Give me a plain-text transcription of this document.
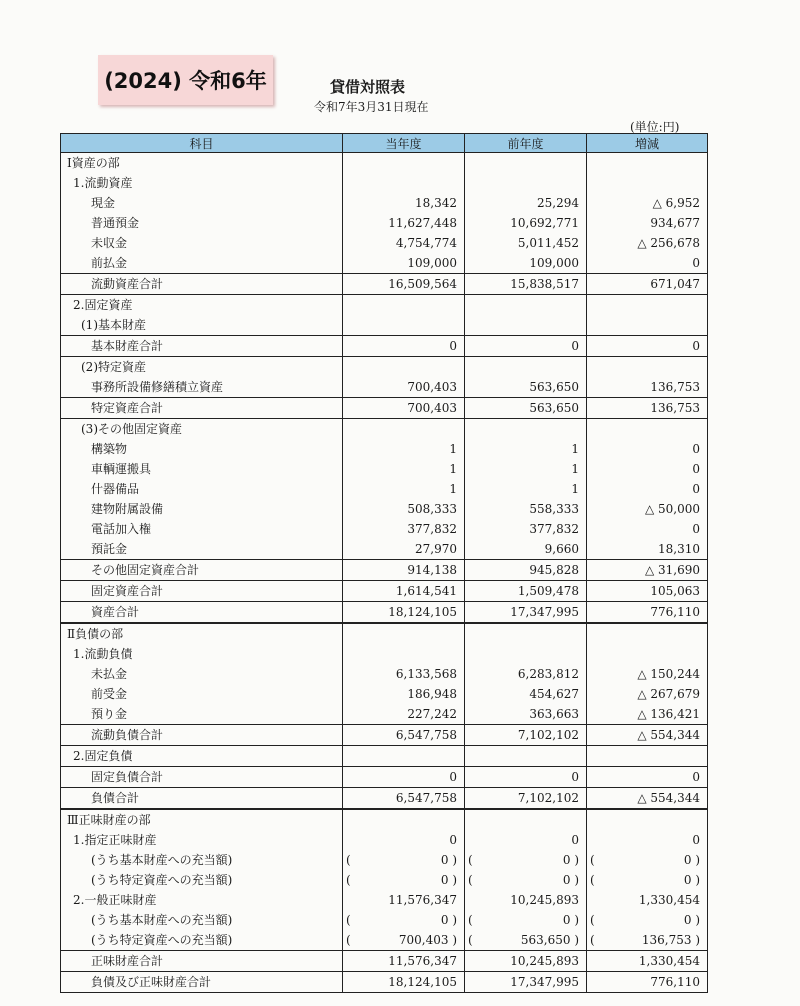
(2024) 令和6年	貸借対照表
令和7年3月31日現在
(単位:円)
科目	当年度	前年度	増減
Ⅰ資産の部			
1.流動資産			
現金	18,342	25,294	△ 6,952
普通預金	11,627,448	10,692,771	934,677
未収金	4,754,774	5,011,452	△ 256,678
前払金	109,000	109,000	0
流動資産合計	16,509,564	15,838,517	671,047
2.固定資産			
(1)基本財産			
基本財産合計	0	0	0
(2)特定資産			
事務所設備修繕積立資産	700,403	563,650	136,753
特定資産合計	700,403	563,650	136,753
(3)その他固定資産			
構築物	1	1	0
車輌運搬具	1	1	0
什器備品	1	1	0
建物附属設備	508,333	558,333	△ 50,000
電話加入権	377,832	377,832	0
預託金	27,970	9,660	18,310
その他固定資産合計	914,138	945,828	△ 31,690
固定資産合計	1,614,541	1,509,478	105,063
資産合計	18,124,105	17,347,995	776,110
Ⅱ負債の部			
1.流動負債			
未払金	6,133,568	6,283,812	△ 150,244
前受金	186,948	454,627	△ 267,679
預り金	227,242	363,663	△ 136,421
流動負債合計	6,547,758	7,102,102	△ 554,344
2.固定負債			
固定負債合計	0	0	0
負債合計	6,547,758	7,102,102	△ 554,344
Ⅲ正味財産の部			
1.指定正味財産	0	0	0
(うち基本財産への充当額)	( 0 )	( 0 )	( 0 )
(うち特定資産への充当額)	( 0 )	( 0 )	( 0 )
2.一般正味財産	11,576,347	10,245,893	1,330,454
(うち基本財産への充当額)	( 0 )	( 0 )	( 0 )
(うち特定資産への充当額)	( 700,403 )	( 563,650 )	( 136,753 )
正味財産合計	11,576,347	10,245,893	1,330,454
負債及び正味財産合計	18,124,105	17,347,995	776,110
